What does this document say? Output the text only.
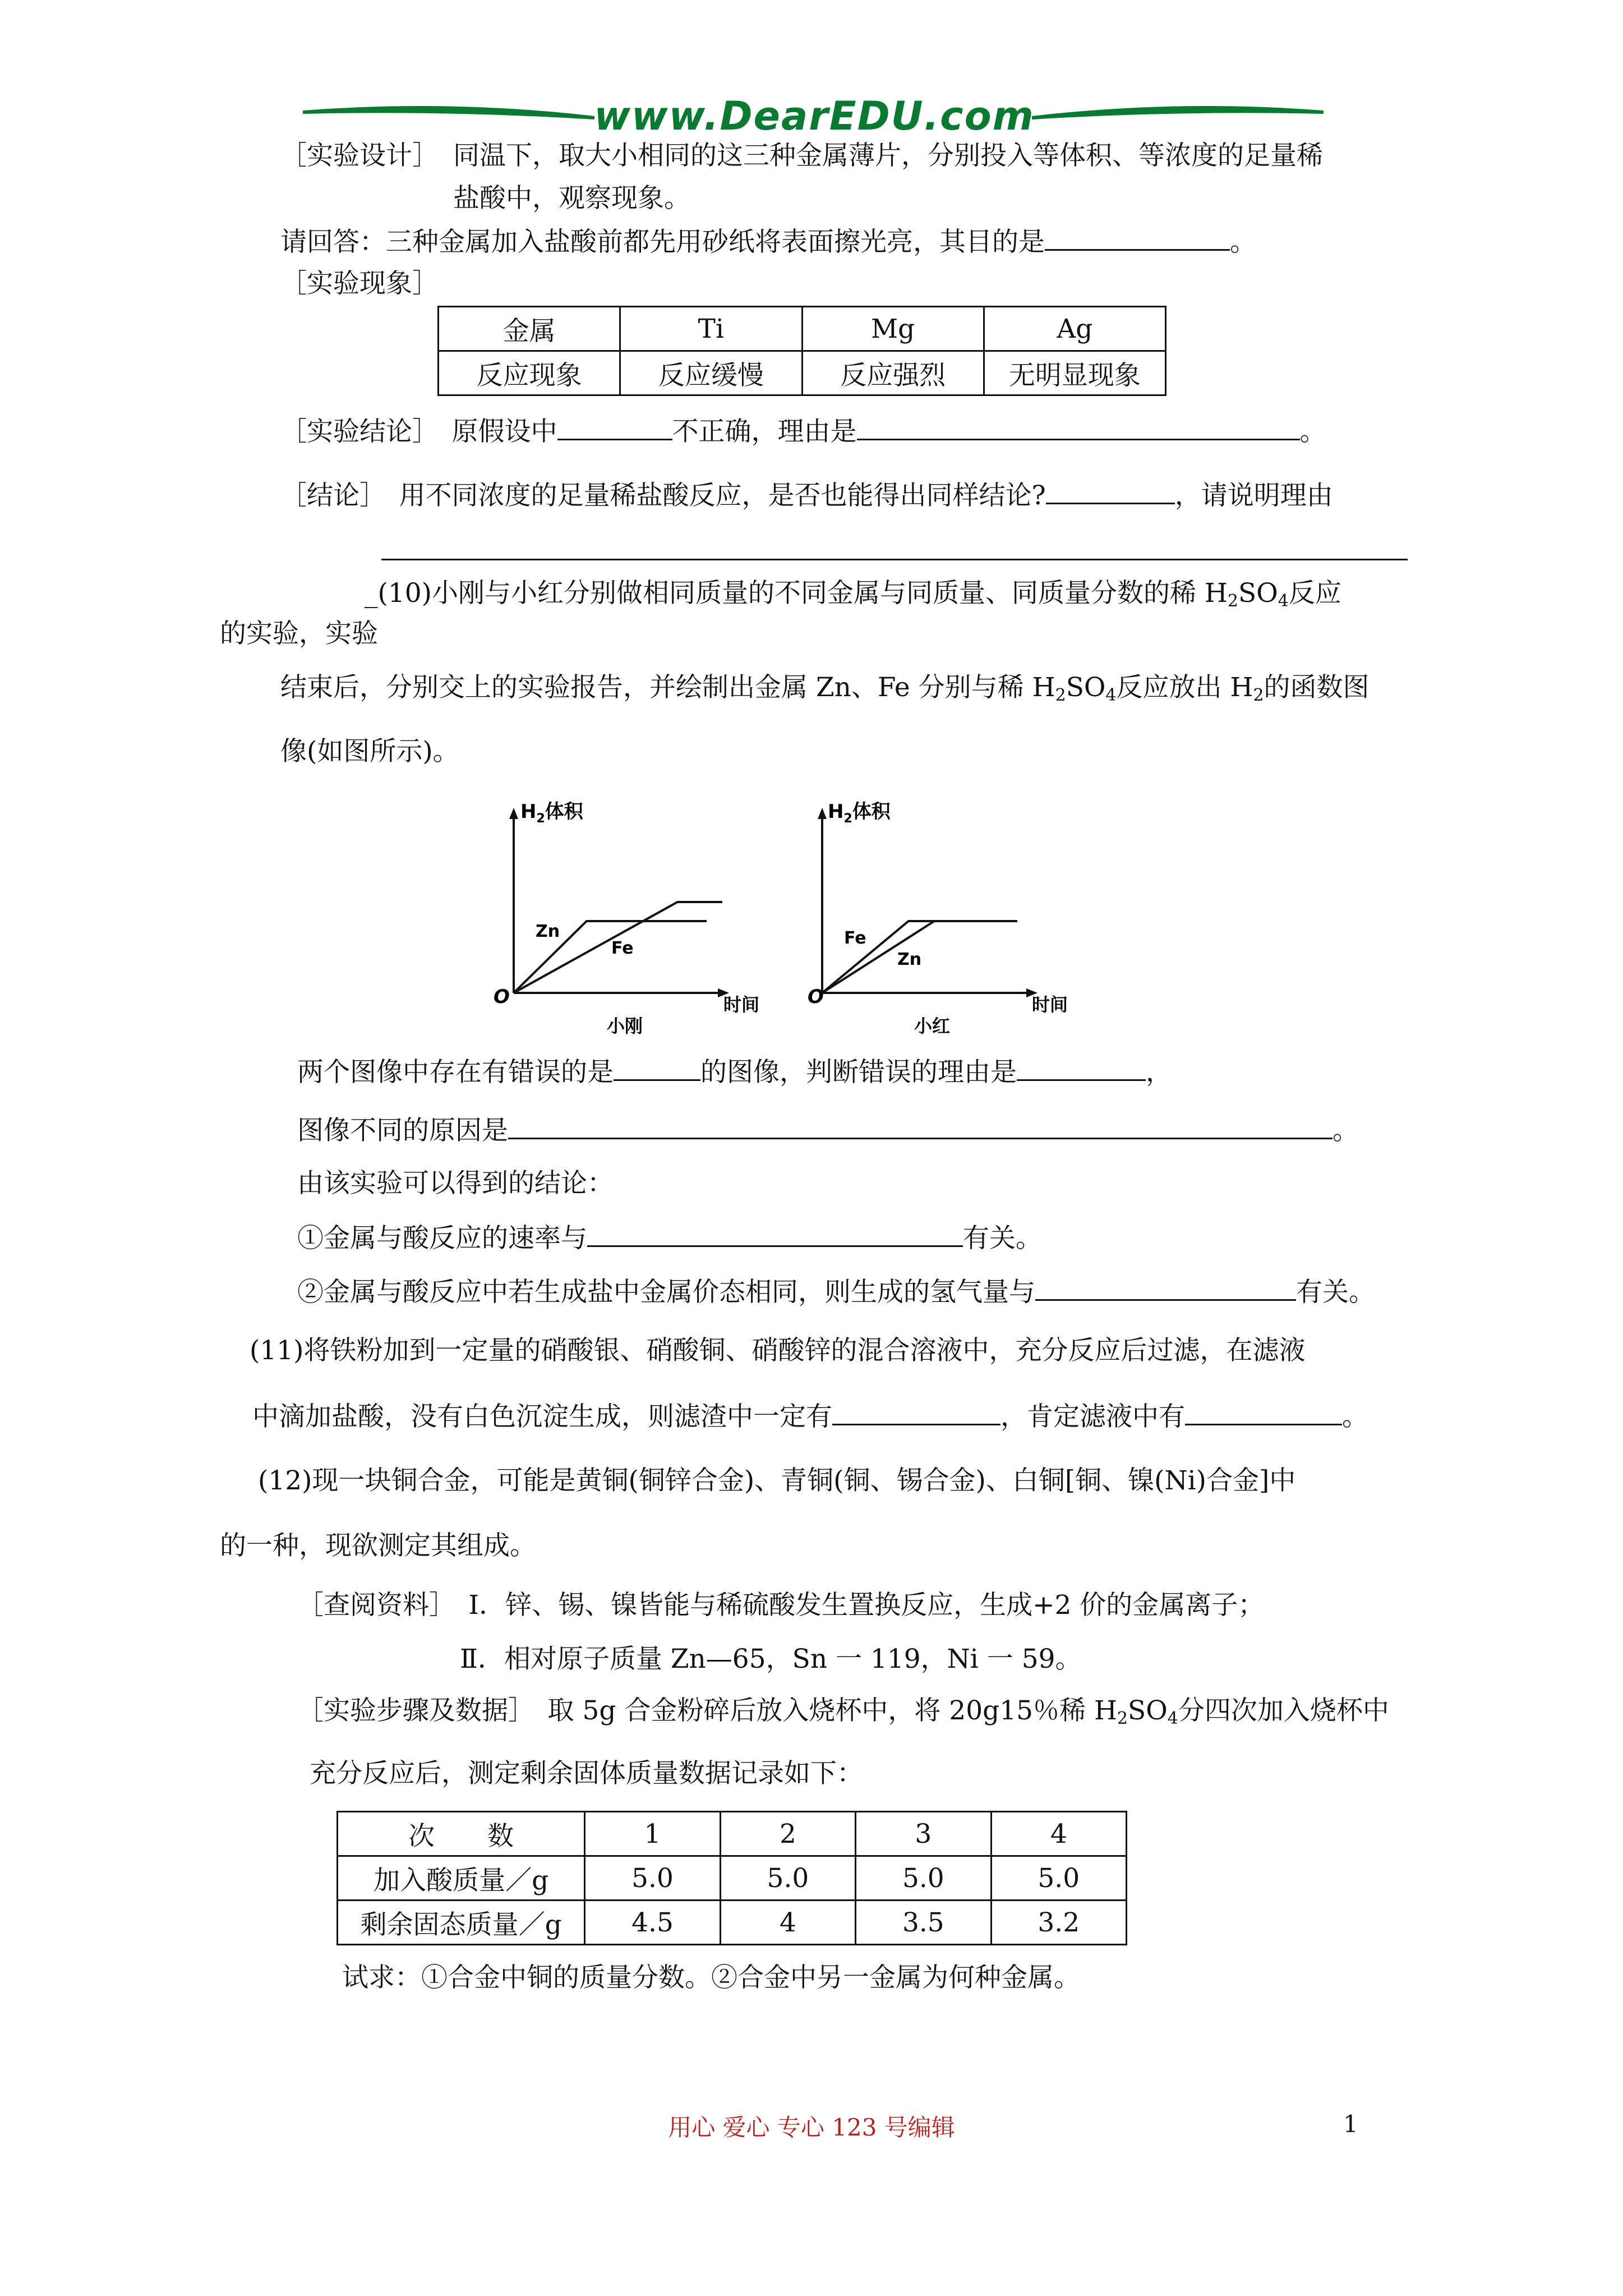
www.DearEDU.com
［实验设计］ 同温下，取大小相同的这三种金属薄片，分别投入等体积、等浓度的足量稀
盐酸中，观察现象。
请回答：三种金属加入盐酸前都先用砂纸将表面擦光亮，其目的是	。
［实验现象］
金属	Ti	Mg	Ag
反应现象	反应缓慢	反应强烈	无明显现象
［实验结论］　原假设中	不正确，理由是	。
［结论］　用不同浓度的足量稀盐酸反应，是否也能得出同样结论?	，请说明理由
_(10)小刚与小红分别做相同质量的不同金属与同质量、同质量分数的稀 $H_2SO_4$反应
的实验，实验
结束后，分别交上的实验报告，并绘制出金属 Zn、Fe 分别与稀 $H_2SO_4$反应放出 $H_2$的函数图
像(如图所示)。
$H_2$体积
O	时间
Zn
Fe
小刚
$H_2$体积
O	时间
Fe
Zn
小红
两个图像中存在有错误的是	的图像，判断错误的理由是	，
图像不同的原因是	。
由该实验可以得到的结论：
①金属与酸反应的速率与	有关。
②金属与酸反应中若生成盐中金属价态相同，则生成的氢气量与	有关。
(11)将铁粉加到一定量的硝酸银、硝酸铜、硝酸锌的混合溶液中，充分反应后过滤，在滤液
中滴加盐酸，没有白色沉淀生成，则滤渣中一定有	，肯定滤液中有	。
(12)现一块铜合金，可能是黄铜(铜锌合金)、青铜(铜、锡合金)、白铜[铜、镍(Ni)合金]中
的一种，现欲测定其组成。
［查阅资料］　Ⅰ．锌、锡、镍皆能与稀硫酸发生置换反应，生成+2 价的金属离子；
Ⅱ．相对原子质量 Zn—65，Sn 一 119，Ni 一 59。
［实验步骤及数据］　取 5g 合金粉碎后放入烧杯中，将 20g15％稀 $H_2SO_4$分四次加入烧杯中
充分反应后，测定剩余固体质量数据记录如下：
次　　数	1	2	3	4
加入酸质量／g	5.0	5.0	5.0	5.0
剩余固态质量／g	4.5	4	3.5	3.2
试求：①合金中铜的质量分数。②合金中另一金属为何种金属。
用心 爱心 专心 123 号编辑	1
